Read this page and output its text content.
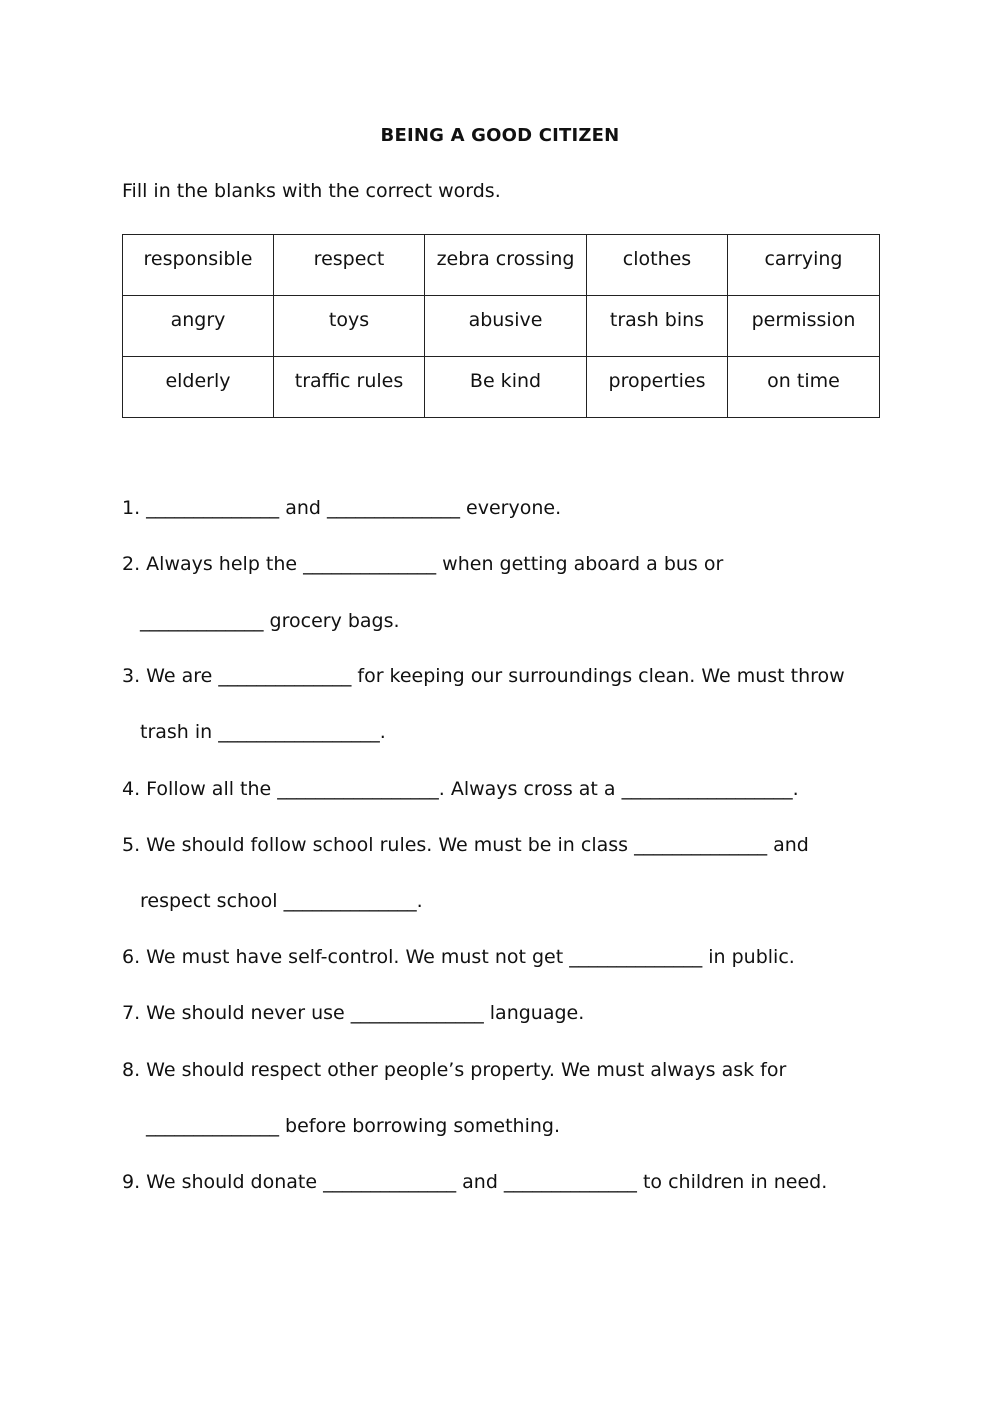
BEING A GOOD CITIZEN
Fill in the blanks with the correct words.
responsible	respect	zebra crossing	clothes	carrying
angry	toys	abusive	trash bins	permission
elderly	traffic rules	Be kind	properties	on time
1. ______________ and ______________ everyone.
2. Always help the ______________ when getting aboard a bus or
_____________ grocery bags.
3. We are ______________ for keeping our surroundings clean. We must throw
trash in _________________.
4. Follow all the _________________. Always cross at a __________________.
5. We should follow school rules. We must be in class ______________ and
respect school ______________.
6. We must have self-control. We must not get ______________ in public.
7. We should never use ______________ language.
8. We should respect other people’s property. We must always ask for
______________ before borrowing something.
9. We should donate ______________ and ______________ to children in need.
